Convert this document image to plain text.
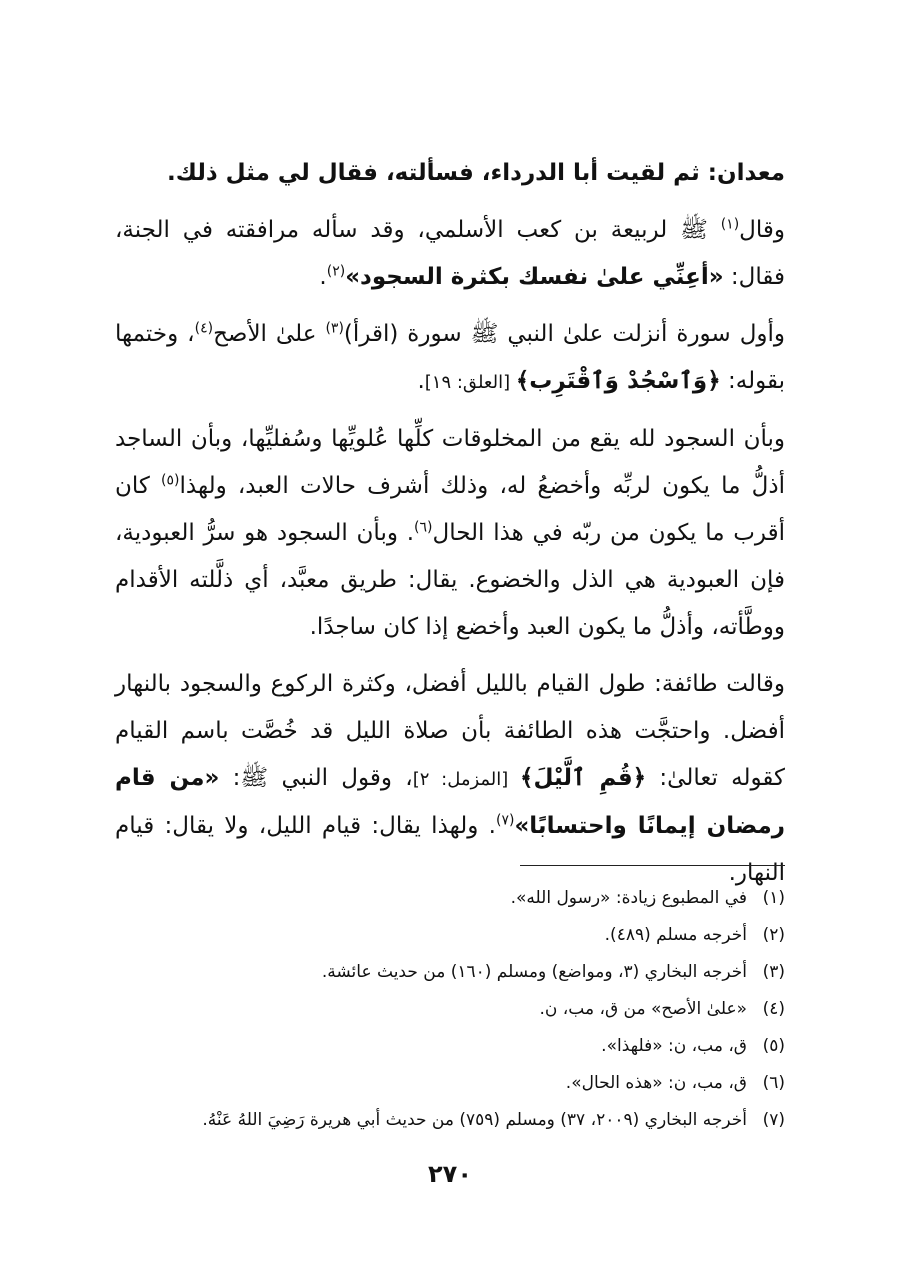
معدان: ثم لقيت أبا الدرداء، فسألته، فقال لي مثل ذلك.

وقال$^{(١)}$ ﷺ لربيعة بن كعب الأسلمي، وقد سأله مرافقته في الجنة، فقال: «أعِنِّي علىٰ نفسك بكثرة السجود»$^{(٢)}$.

وأول سورة أنزلت علىٰ النبي ﷺ سورة (اقرأ)$^{(٣)}$ علىٰ الأصح$^{(٤)}$، وختمها بقوله: ﴿وَٱسْجُدْ وَٱقْتَرِب﴾ [العلق: ١٩].

وبأن السجود لله يقع من المخلوقات كلِّها عُلويِّها وسُفليِّها، وبأن الساجد أذلُّ ما يكون لربِّه وأخضعُ له، وذلك أشرف حالات العبد، ولهذا$^{(٥)}$ كان أقرب ما يكون من ربّه في هذا الحال$^{(٦)}$. وبأن السجود هو سرُّ العبودية، فإن العبودية هي الذل والخضوع. يقال: طريق معبَّد، أي ذلَّلته الأقدام ووطَّأته، وأذلُّ ما يكون العبد وأخضع إذا كان ساجدًا.

وقالت طائفة: طول القيام بالليل أفضل، وكثرة الركوع والسجود بالنهار أفضل. واحتجَّت هذه الطائفة بأن صلاة الليل قد خُصَّت باسم القيام كقوله تعالىٰ: ﴿قُمِ ٱلَّيْلَ﴾ [المزمل: ٢]، وقول النبي ﷺ: «من قام رمضان إيمانًا واحتسابًا»$^{(٧)}$. ولهذا يقال: قيام الليل، ولا يقال: قيام النهار.

(١)في المطبوع زيادة: «رسول الله».
(٢)أخرجه مسلم (٤٨٩).
(٣)أخرجه البخاري (٣، ومواضع) ومسلم (١٦٠) من حديث عائشة.
(٤)«علىٰ الأصح» من ق، مب، ن.
(٥)ق، مب، ن: «فلهذا».
(٦)ق، مب، ن: «هذه الحال».
(٧)أخرجه البخاري (٢٠٠٩، ٣٧) ومسلم (٧٥٩) من حديث أبي هريرة رَضِيَ اللهُ عَنْهُ.
٢٧٠
